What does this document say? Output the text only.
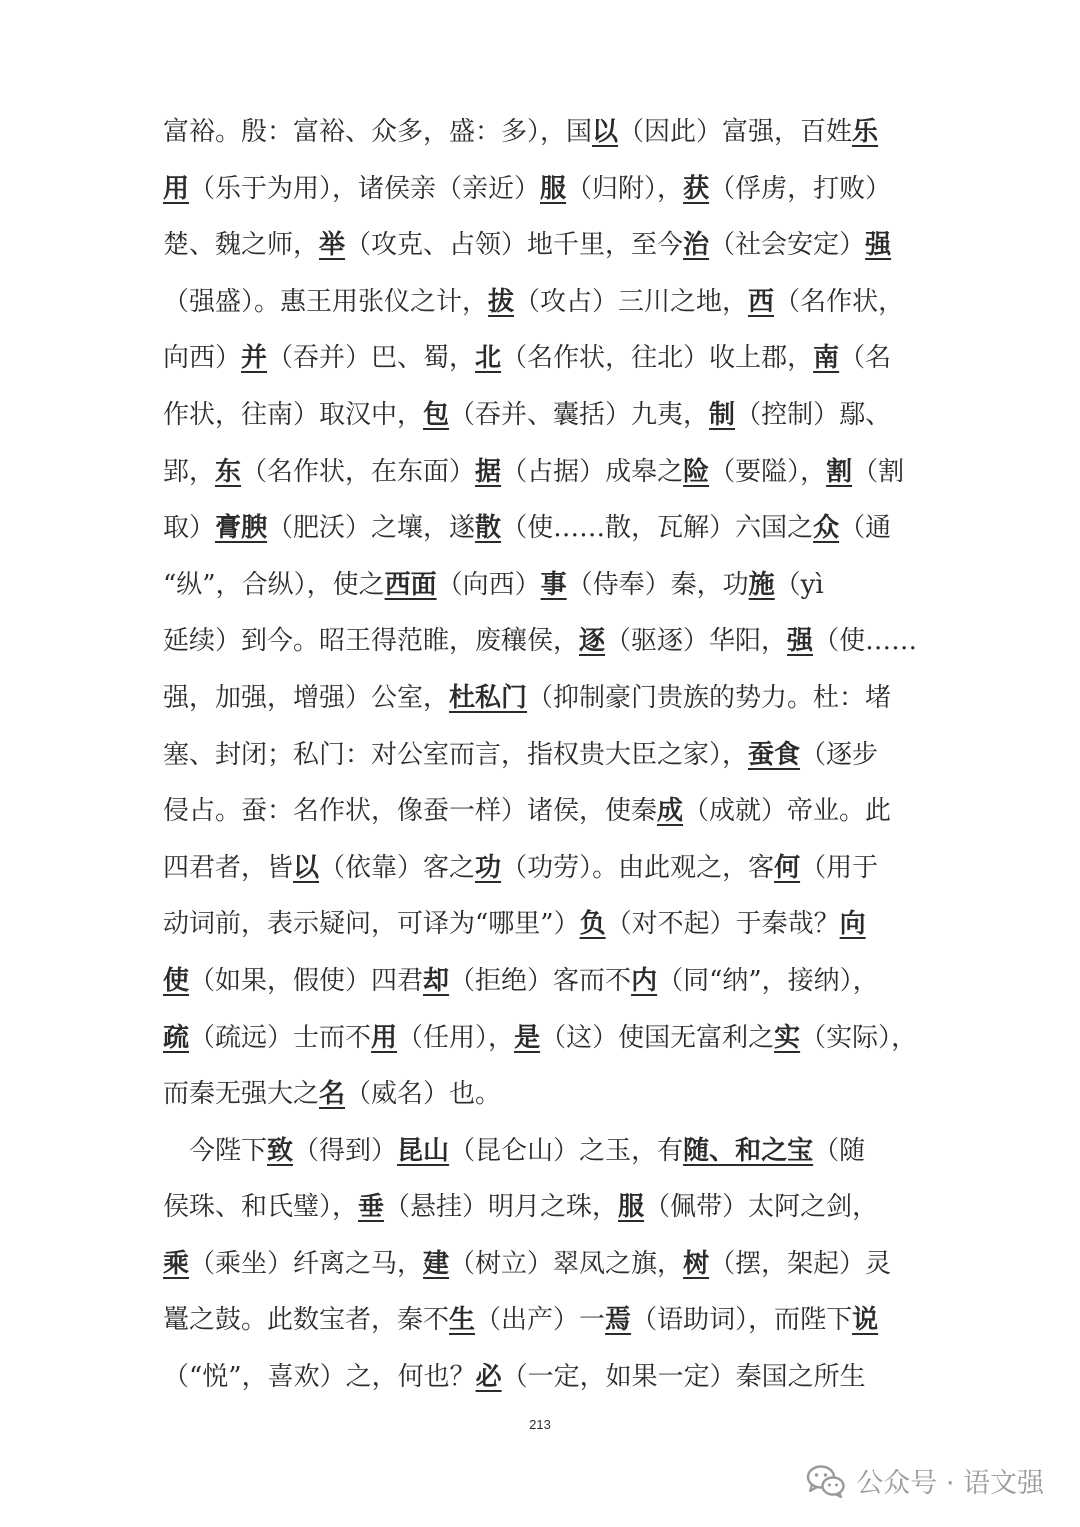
富裕。殷：富裕、众多，盛：多），国以（因此）富强，百姓乐
用（乐于为用），诸侯亲（亲近）服（归附），获（俘虏，打败）
楚、魏之师，举（攻克、占领）地千里，至今治（社会安定）强
（强盛）。惠王用张仪之计，拔（攻占）三川之地，西（名作状，
向西）并（吞并）巴、蜀，北（名作状，往北）收上郡，南（名
作状，往南）取汉中，包（吞并、囊括）九夷，制（控制）鄢、
郢，东（名作状，在东面）据（占据）成皋之险（要隘），割（割
取）膏腴（肥沃）之壤，遂散（使……散，瓦解）六国之众（通
“纵”，合纵），使之西面（向西）事（侍奉）秦，功施（yì
延续）到今。昭王得范睢，废穰侯，逐（驱逐）华阳，强（使……
强，加强，增强）公室，杜私门（抑制豪门贵族的势力。杜：堵
塞、封闭；私门：对公室而言，指权贵大臣之家），蚕食（逐步
侵占。蚕：名作状，像蚕一样）诸侯，使秦成（成就）帝业。此
四君者，皆以（依靠）客之功（功劳）。由此观之，客何（用于
动词前，表示疑问，可译为“哪里”）负（对不起）于秦哉？向
使（如果，假使）四君却（拒绝）客而不内（同“纳”，接纳），
疏（疏远）士而不用（任用），是（这）使国无富利之实（实际），
而秦无强大之名（威名）也。
　今陛下致（得到）昆山（昆仑山）之玉，有随、和之宝（随
侯珠、和氏璧），垂（悬挂）明月之珠，服（佩带）太阿之剑，
乘（乘坐）纤离之马，建（树立）翠凤之旗，树（摆，架起）灵
鼍之鼓。此数宝者，秦不生（出产）一焉（语助词），而陛下说
（“悦”，喜欢）之，何也？必（一定，如果一定）秦国之所生
213
公众号 · 语文强
